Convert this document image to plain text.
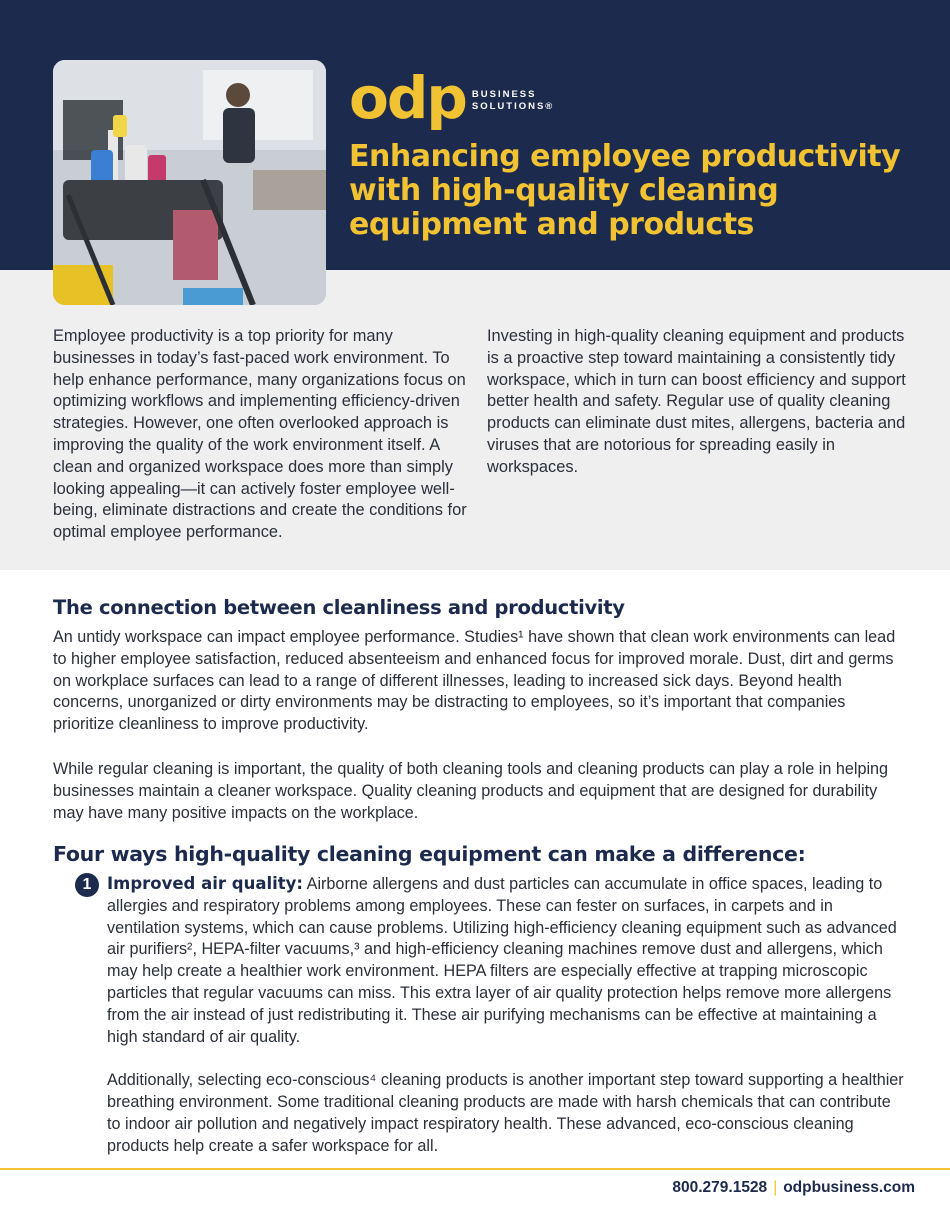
odp BUSINESS
SOLUTIONS®
Enhancing employee productivity with high-quality cleaning equipment and products

Employee productivity is a top priority for many businesses in today’s fast-paced work environment. To help enhance performance, many organizations focus on optimizing workflows and implementing efficiency-driven strategies. However, one often overlooked approach is improving the quality of the work environment itself. A clean and organized workspace does more than simply looking appealing—it can actively foster employee well-being, eliminate distractions and create the conditions for optimal employee performance.

Investing in high-quality cleaning equipment and products is a proactive step toward maintaining a consistently tidy workspace, which in turn can boost efficiency and support better health and safety. Regular use of quality cleaning products can eliminate dust mites, allergens, bacteria and viruses that are notorious for spreading easily in workspaces.

The connection between cleanliness and productivity

An untidy workspace can impact employee performance. Studies¹ have shown that clean work environments can lead to higher employee satisfaction, reduced absenteeism and enhanced focus for improved morale. Dust, dirt and germs on workplace surfaces can lead to a range of different illnesses, leading to increased sick days. Beyond health concerns, unorganized or dirty environments may be distracting to employees, so it’s important that companies prioritize cleanliness to improve productivity.

While regular cleaning is important, the quality of both cleaning tools and cleaning products can play a role in helping businesses maintain a cleaner workspace. Quality cleaning products and equipment that are designed for durability may have many positive impacts on the workplace.

Four ways high-quality cleaning equipment can make a difference:
1 Improved air quality: Airborne allergens and dust particles can accumulate in office spaces, leading to allergies and respiratory problems among employees. These can fester on surfaces, in carpets and in ventilation systems, which can cause problems. Utilizing high-efficiency cleaning equipment such as advanced air purifiers², HEPA-filter vacuums,³ and high-efficiency cleaning machines remove dust and allergens, which may help create a healthier work environment. HEPA filters are especially effective at trapping microscopic particles that regular vacuums can miss. This extra layer of air quality protection helps remove more allergens from the air instead of just redistributing it. These air purifying mechanisms can be effective at maintaining a high standard of air quality.

Additionally, selecting eco-conscious⁴ cleaning products is another important step toward supporting a healthier breathing environment. Some traditional cleaning products are made with harsh chemicals that can contribute to indoor air pollution and negatively impact respiratory health. These advanced, eco-conscious cleaning products help create a safer workspace for all.

800.279.1528 | odpbusiness.com
